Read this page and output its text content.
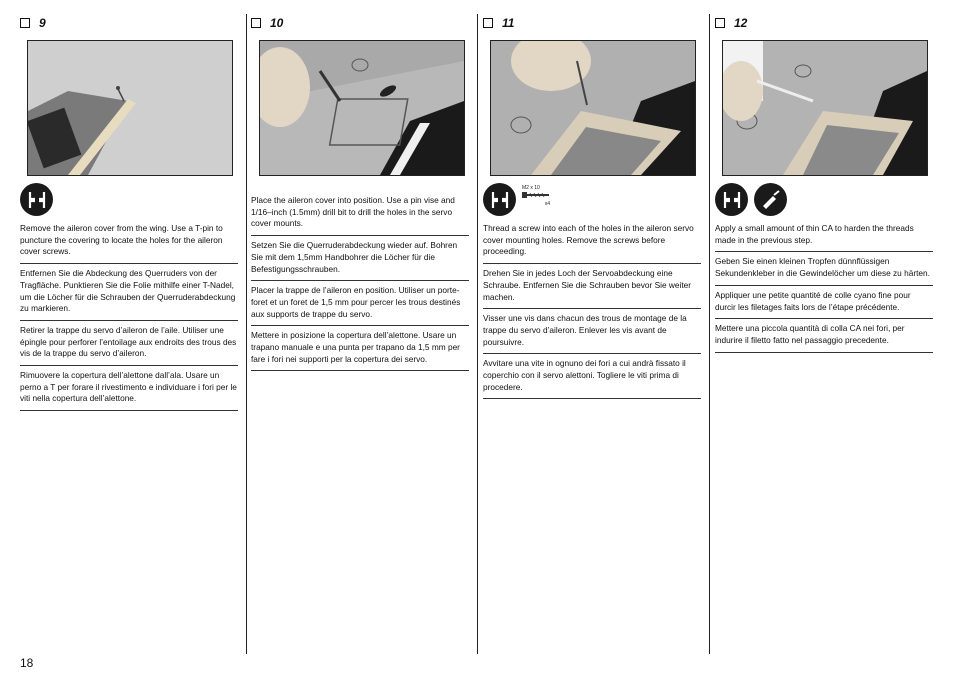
9
Remove the aileron cover from the wing. Use a T-pin to puncture the covering to locate the holes for the aileron cover screws.
Entfernen Sie die Abdeckung des Querruders von der Tragfläche. Punktieren Sie die Folie mithilfe einer T-Nadel, um die Löcher für die Schrauben der Querruderabdeckung zu markieren.
Retirer la trappe du servo d’aileron de l’aile. Utiliser une épingle pour perforer l’entoilage aux endroits des trous des vis de la trappe du servo d’aileron.
Rimuovere la copertura dell’alettone dall’ala. Usare un perno a T per forare il rivestimento e individuare i fori per le viti nella copertura dell’alettone.
10
Place the aileron cover into position. Use a pin vise and 1/16–inch (1.5mm) drill bit to drill the holes in the servo cover mounts.
Setzen Sie die Querruderabdeckung wieder auf. Bohren Sie mit dem 1,5mm Handbohrer die Löcher für die Befestigungsschrauben.
Placer la trappe de l’aileron en position. Utiliser un porte-foret et un foret de 1,5 mm pour percer les trous destinés aux supports de trappe du servo.
Mettere in posizione la copertura dell’alettone. Usare un trapano manuale e una punta per trapano da 1,5 mm per fare i fori nei supporti per la copertura dei servo.
11
M2 x 10
x4
Thread a screw into each of the holes in the aileron servo cover mounting holes. Remove the screws before proceeding.
Drehen Sie in jedes Loch der Servoabdeckung eine Schraube. Entfernen Sie die Schrauben bevor Sie weiter machen.
Visser une vis dans chacun des trous de montage de la trappe du servo d’aileron. Enlever les vis avant de poursuivre.
Avvitare una vite in ognuno dei fori a cui andrà fissato il coperchio con il servo alettoni. Togliere le viti prima di procedere.
12
Apply a small amount of thin CA to harden the threads made in the previous step.
Geben Sie einen kleinen Tropfen dünnflüssigen Sekundenkleber in die Gewindelöcher um diese zu härten.
Appliquer une petite quantité de colle cyano fine pour durcir les filetages faits lors de l’étape précédente.
Mettere una piccola quantità di colla CA nei fori, per indurire il filetto fatto nel passaggio precedente.
18
